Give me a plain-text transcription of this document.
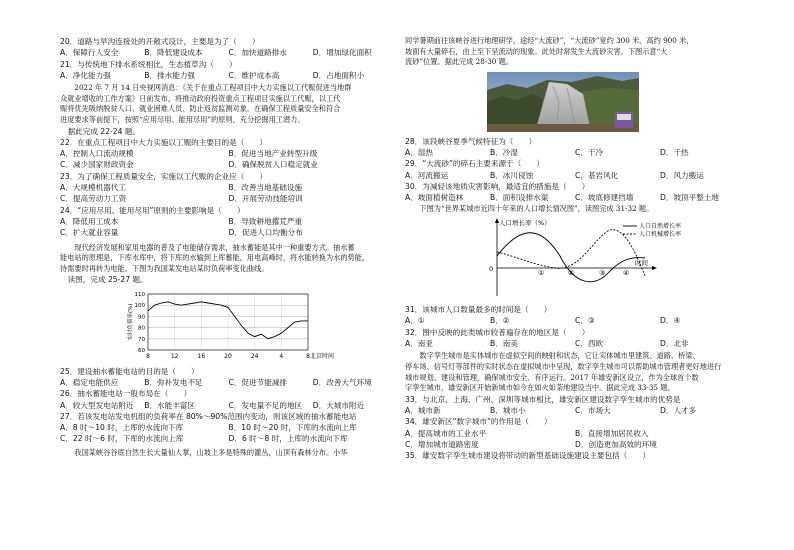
20．道路与旱沟连接处的开敞式设计，主要是为了（　　）
A．保障行人安全	B．降低建设成本	C．加快道路排水	D．增加绿化面积
21．与传统地下排水系统相比，生态植草沟（　　）
A．净化能力强	B．排水能力强	C．维护成本高	D．占地面积小
2022 年 7 月 14 日央视网消息：《关于在重点工程项目中大力实施以工代赈促进当地群
众就业增收的工作方案》日前发布，将推动政府投资重点工程项目实施以工代赈，以工代
赈将优先吸纳脱贫人口、就业困难人员、防止返贫监测对象。在确保工程质量安全和符合
进度要求等前提下，按照“应用尽用、能用尽用”的原则，充分挖掘用工潜力。
据此完成 22-24 题。
22．在重点工程项目中大力实施以工赈的主要目的是（　　）
A．控制人口流动规模	B．促进当地产业转型升级
C．减少国家财政资金	D．确保脱贫人口稳定就业
23．为了确保工程质量安全，实施以工代赈的企业应（　　）
A．大规模机器代工	B．改善当地基础设施
C．提高劳动力工资	D．开展劳动技能培训
24．“应用尽用、能用尽用”原则的主要影响是（　　）
A．降低用工成本	B．导致耕地撂荒严重
C．扩大就业容量	D．促进人口均衡分布
现代经济发展和家用电器的普及了电能储存需求，抽水蓄能是其中一种重要方式。抽水蓄
能电站的原理是，下库水库中，将下库的水输到上库蓄能，用电高峰时，将水能转换为水的势能，
待需要时再转为电能。下图为我国某发电站某时负荷率变化曲线。
读图，完成 25-27 题。
60
70
80
90
100
110
8	12	16	20	24	4	8
实时负荷率(%)
北京时间
25．建设抽水蓄能电站的目的是（　　）
A．稳定电能供应	B．弥补发电不足	C．促进节能减排	D．改善大气环境
26．抽水蓄能电站一般布局在（　　）
A．较大型发电站附近	B．水能丰富区	C．发电量不足的地区	D．大城市附近
27．若该发电站发电机组的负荷率在 80%～90%范围内变动，则该区域的抽水蓄能电站
A．8 时～10 时，上库的水流向下库	B．10 时～20 时，下库的水流向上库
C．22 时～6 时，下库的水流向上库	D．6 时～8 时，上库的水流向下库
我国某峡谷谷底自然生长大量仙人掌，山坡上多是特殊的灌丛，山顶有森林分布。小华
同学暑期前往该峡谷进行地理研学，途经“大流砂”，“大流砂”宽约 300 米、高约 900 米，
坡面有大量碎石，由上至下呈流动的现象。此处时常发生大流砂灾害。下图示意“大
流砂”位置。据此完成 28-30 题。
28．该段峡谷夏季气候特征为（　　）
A．湿热	B．冷湿	C．干冷	D．干热
29．“大流砂”的碎石主要来源于（　　）
A．河流搬运	B．冰川侵蚀	C．基岩风化	D．风力搬运
30．为减轻该地质灾害影响，最适宜的措施是（　　）
A．坡面植树造林	B．面积设排水渠	C．坡底修建挡墙	D．坡顶平整土地
下图为“世界某城市近四十年来的人口增长情况图”，读图完成 31-32 题。
人口增长率（%）
时间
0
人口自然增长率
人口机械增长率
①	②	③	④
31．该城市人口数量最多的时间是（　　）
A．①	B．②	C．③	D．④
32．图中反映的此类城市较普遍存在的地区是（　　）
A．南亚	B．南美	C．西欧	D．北非
数字孪生城市是实体城市在虚拟空间的映射和状态，它让实体城市里建筑、道路、桥梁、
停车场、信号灯等部件的实时状态在虚拟城市中呈现，数字孪生城市可以帮助城市管理者更好地进行
城市规划、建设和管理，确保城市安全、有序运行。2017 年雄安新区设立，作为全球首个数
字孪生城市，雄安新区开始新城市如今在如火如荼地建设当中。据此完成 33-35 题。
33．与北京、上海、广州、深圳等城市相比，雄安新区建设数字孪生城市的优势是
A．城市新	B．城市小	C．市场大	D．人才多
34．雄安新区“数字城市”的作用是（　　）
A．提高城市的工业水平	B．直接增加居民收入
C．增加城市道路密度	D．创造更加高效的环境
35．雄安数字孪生城市建设将带动的新型基础设施建设主要包括（　　）
